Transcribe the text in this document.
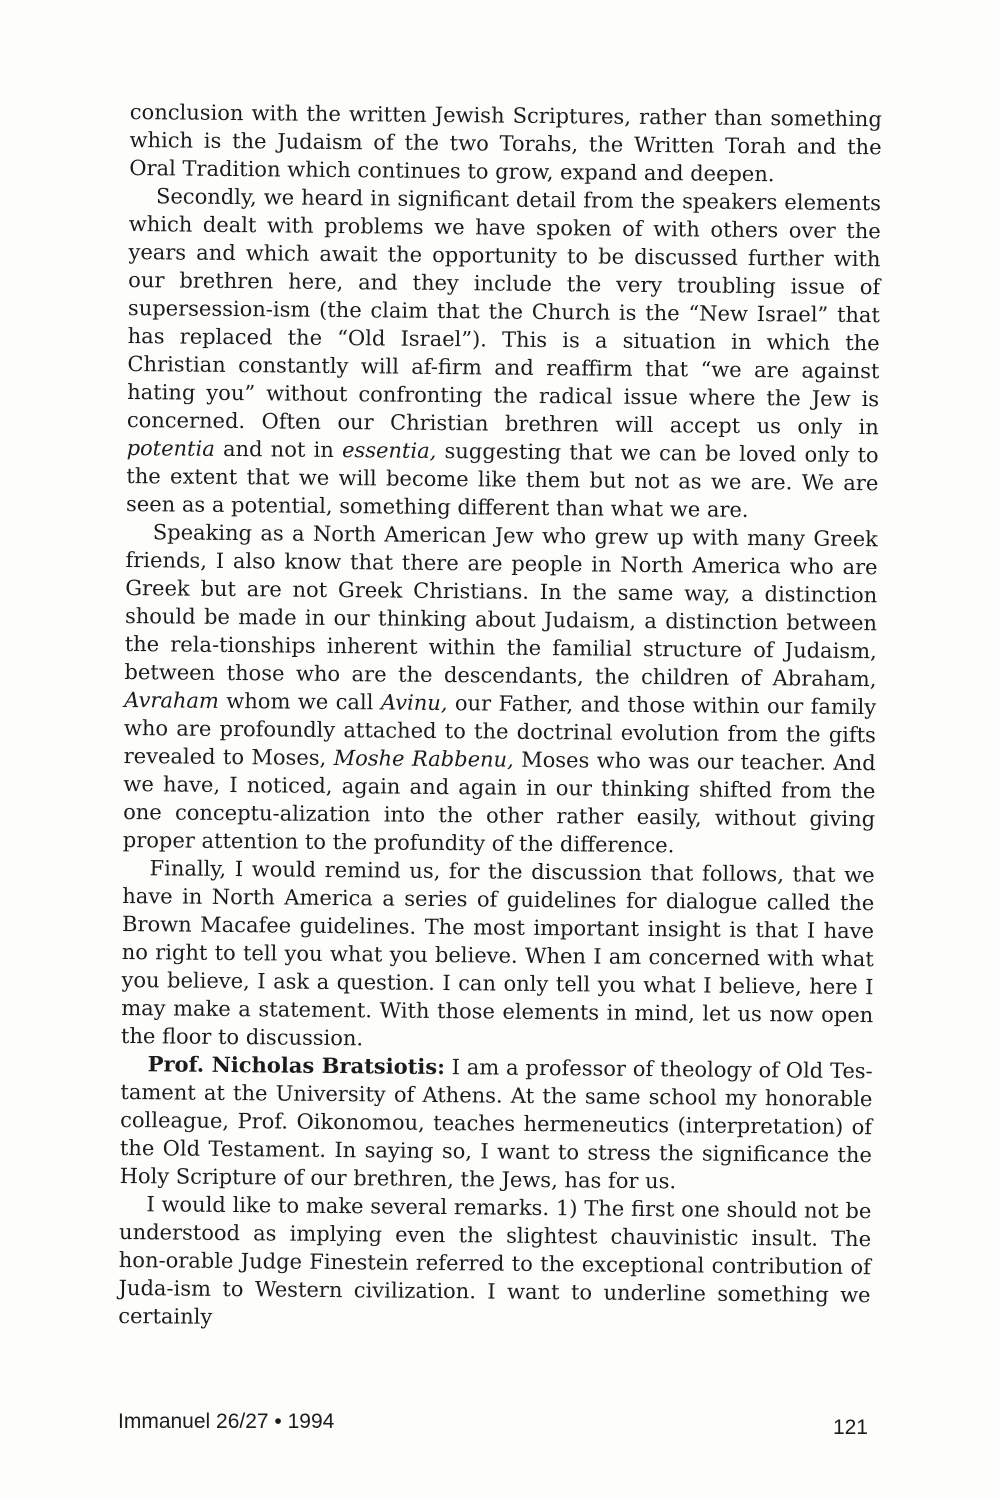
conclusion with the written Jewish Scriptures, rather than something which is the Judaism of the two Torahs, the Written Torah and the Oral Tradition which continues to grow, expand and deepen.

Secondly, we heard in significant detail from the speakers elements which dealt with problems we have spoken of with others over the years and which await the opportunity to be discussed further with our brethren here, and they include the very troubling issue of supersession-ism (the claim that the Church is the “New Israel” that has replaced the “Old Israel”). This is a situation in which the Christian constantly will af-firm and reaffirm that “we are against hating you” without confronting the radical issue where the Jew is concerned. Often our Christian brethren will accept us only in potentia and not in essentia, suggesting that we can be loved only to the extent that we will become like them but not as we are. We are seen as a potential, something different than what we are.

Speaking as a North American Jew who grew up with many Greek friends, I also know that there are people in North America who are Greek but are not Greek Christians. In the same way, a distinction should be made in our thinking about Judaism, a distinction between the rela-tionships inherent within the familial structure of Judaism, between those who are the descendants, the children of Abraham, Avraham whom we call Avinu, our Father, and those within our family who are profoundly attached to the doctrinal evolution from the gifts revealed to Moses, Moshe Rabbenu, Moses who was our teacher. And we have, I noticed, again and again in our thinking shifted from the one conceptu-alization into the other rather easily, without giving proper attention to the profundity of the difference.

Finally, I would remind us, for the discussion that follows, that we have in North America a series of guidelines for dialogue called the Brown Macafee guidelines. The most important insight is that I have no right to tell you what you believe. When I am concerned with what you believe, I ask a question. I can only tell you what I believe, here I may make a statement. With those elements in mind, let us now open the floor to discussion.

Prof. Nicholas Bratsiotis: I am a professor of theology of Old Tes-tament at the University of Athens. At the same school my honorable colleague, Prof. Oikonomou, teaches hermeneutics (interpretation) of the Old Testament. In saying so, I want to stress the significance the Holy Scripture of our brethren, the Jews, has for us.

I would like to make several remarks. 1) The first one should not be understood as implying even the slightest chauvinistic insult. The hon-orable Judge Finestein referred to the exceptional contribution of Juda-ism to Western civilization. I want to underline something we certainly

Immanuel 26/27 • 1994	121
